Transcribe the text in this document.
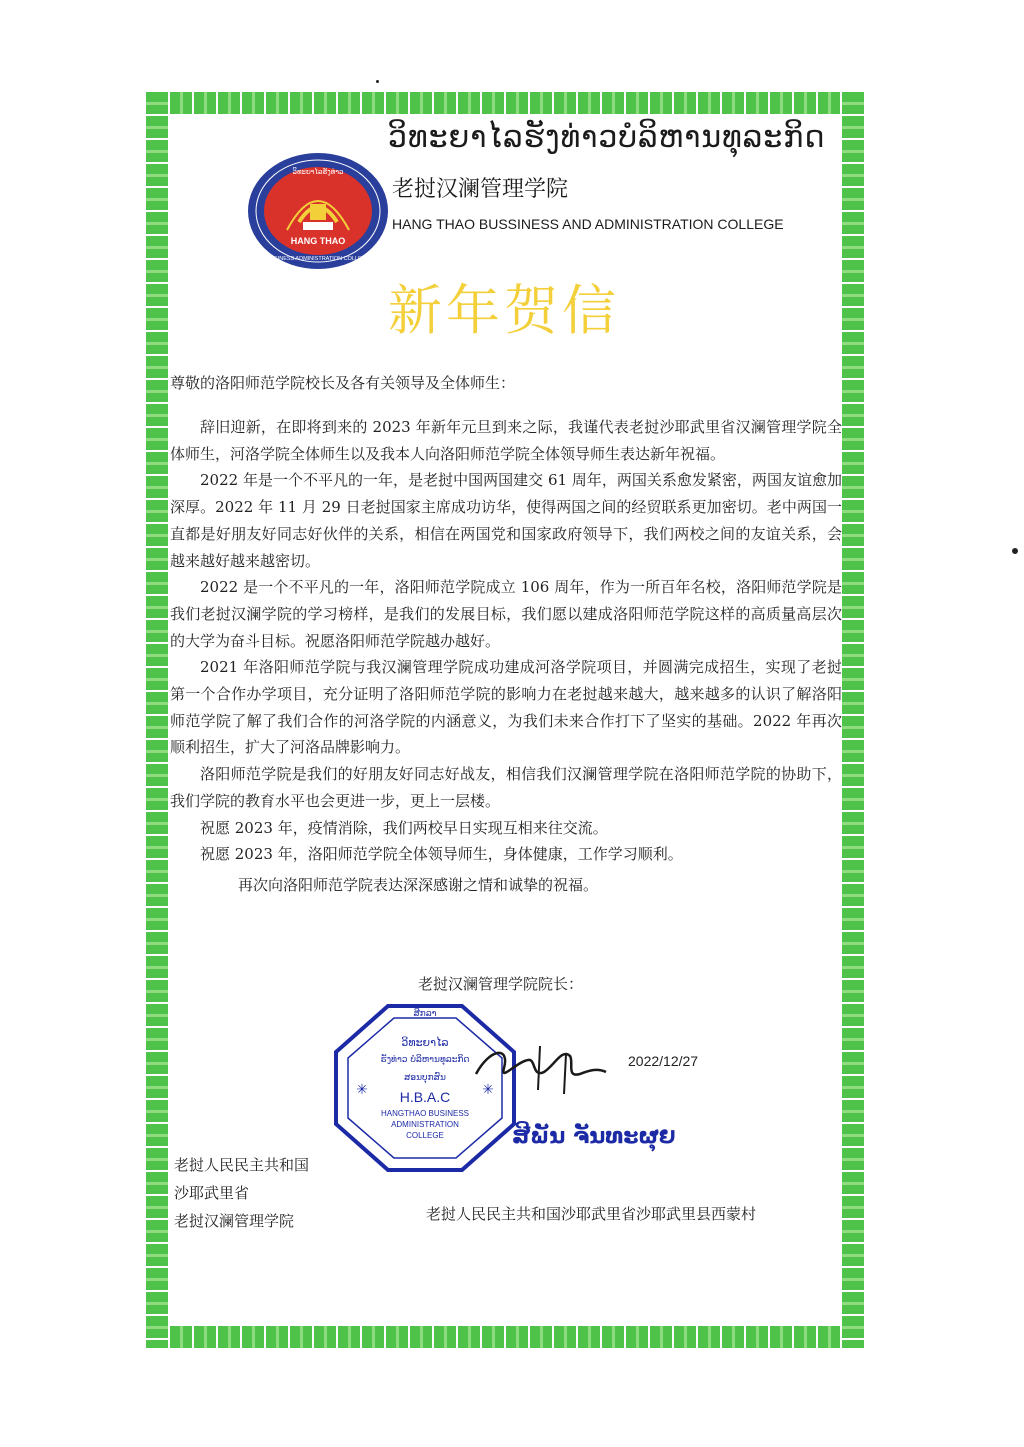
ວິທະຍາໄລຮັງທ່າວ
HANG THAO
BUSINESS ADMINISTRATION COLLEGE
ວິທະຍາໄລຮັງທ່າວບໍລິຫານທຸລະກິດ
老挝汉澜管理学院
HANG THAO BUSSINESS AND ADMINISTRATION COLLEGE
新年贺信
尊敬的洛阳师范学院校长及各有关领导及全体师生：

辞旧迎新，在即将到来的 2023 年新年元旦到来之际，我谨代表老挝沙耶武里省汉澜管理学院全体师生，河洛学院全体师生以及我本人向洛阳师范学院全体领导师生表达新年祝福。

2022 年是一个不平凡的一年，是老挝中国两国建交 61 周年，两国关系愈发紧密，两国友谊愈加深厚。2022 年 11 月 29 日老挝国家主席成功访华，使得两国之间的经贸联系更加密切。老中两国一直都是好朋友好同志好伙伴的关系，相信在两国党和国家政府领导下，我们两校之间的友谊关系，会越来越好越来越密切。

2022 是一个不平凡的一年，洛阳师范学院成立 106 周年，作为一所百年名校，洛阳师范学院是我们老挝汉澜学院的学习榜样，是我们的发展目标，我们愿以建成洛阳师范学院这样的高质量高层次的大学为奋斗目标。祝愿洛阳师范学院越办越好。

2021 年洛阳师范学院与我汉澜管理学院成功建成河洛学院项目，并圆满完成招生，实现了老挝第一个合作办学项目，充分证明了洛阳师范学院的影响力在老挝越来越大，越来越多的认识了解洛阳师范学院了解了我们合作的河洛学院的内涵意义，为我们未来合作打下了坚实的基础。2022 年再次顺利招生，扩大了河洛品牌影响力。

洛阳师范学院是我们的好朋友好同志好战友，相信我们汉澜管理学院在洛阳师范学院的协助下，我们学院的教育水平也会更进一步，更上一层楼。

祝愿 2023 年，疫情消除，我们两校早日实现互相来往交流。

祝愿 2023 年，洛阳师范学院全体领导师生，身体健康，工作学习顺利。

再次向洛阳师范学院表达深深感谢之情和诚挚的祝福。
老挝汉澜管理学院院长：
ສີກລາ
ວິທະຍາໄລ
ຮັງທ່າວ ບໍລິຫານທຸລະກິດ
ສອນບຸກສົນ
H.B.A.C
HANGTHAO BUSINESS
ADMINISTRATION
COLLEGE
✳	✳
2022/12/27
ສີພັນ ຈັນທະຜຸຍ
老挝人民民主共和国
沙耶武里省
老挝汉澜管理学院	老挝人民民主共和国沙耶武里省沙耶武里县西蒙村
